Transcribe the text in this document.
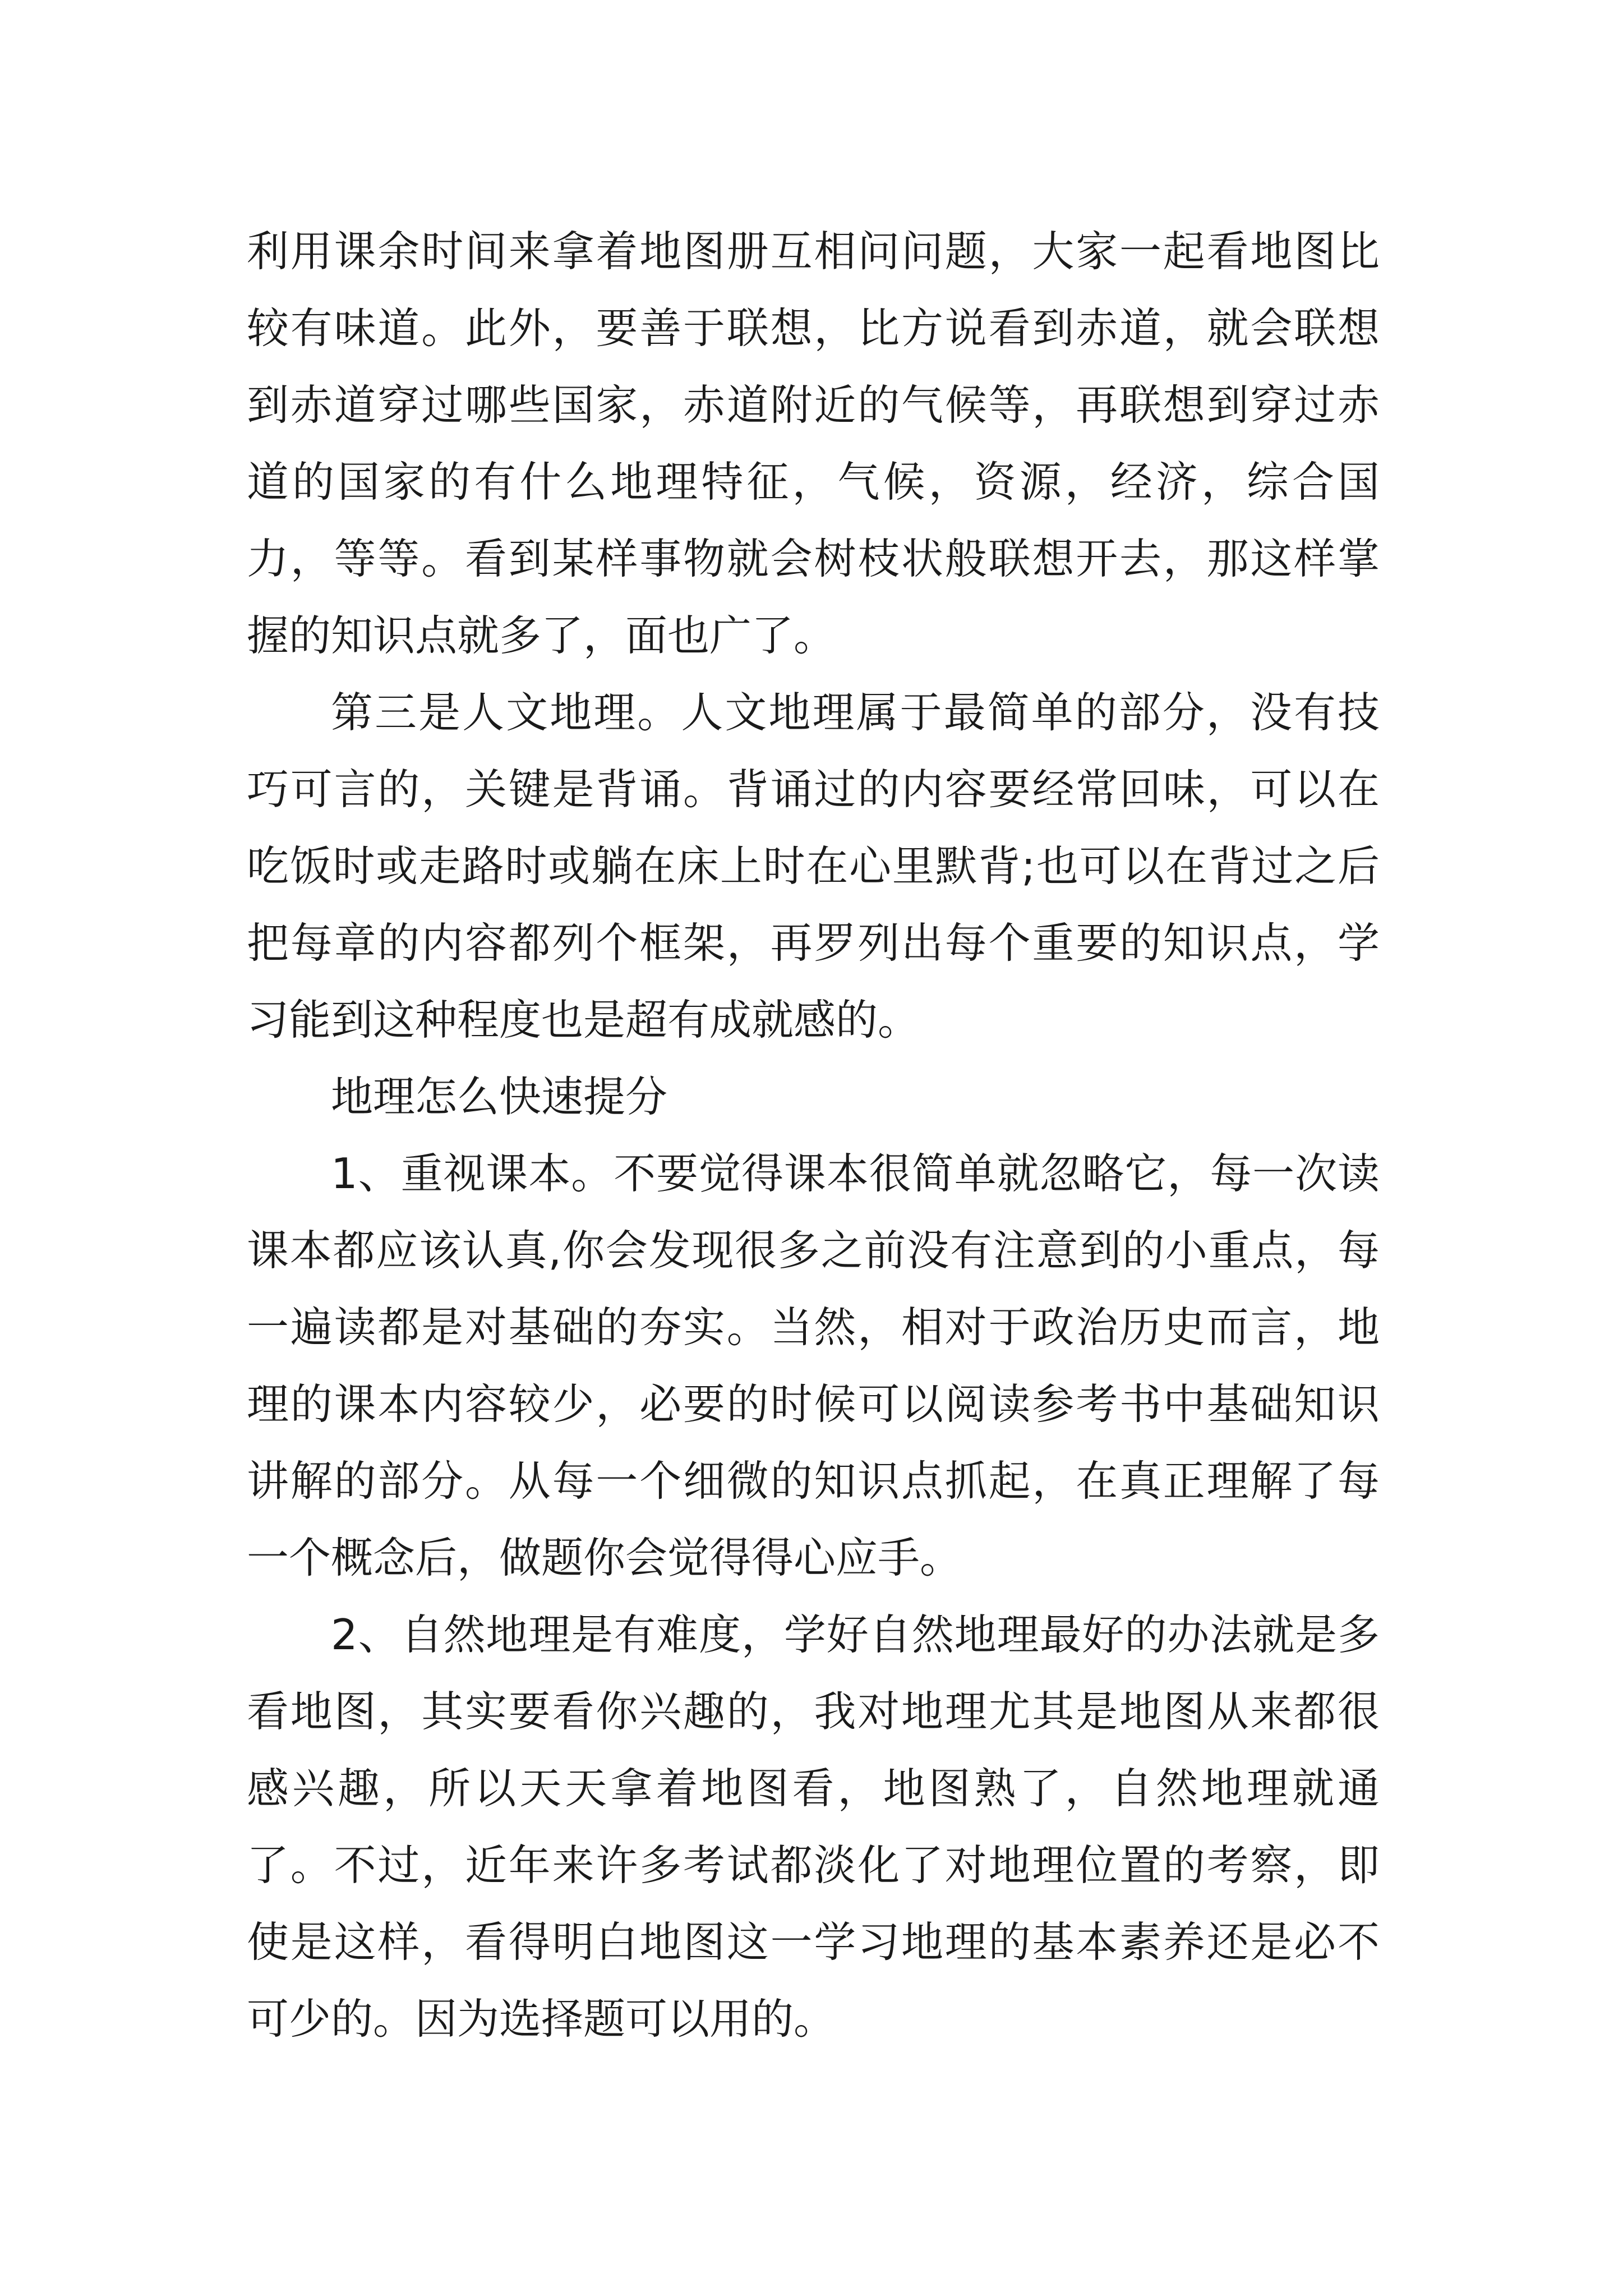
利用课余时间来拿着地图册互相问问题，大家一起看地图比较有味道。此外，要善于联想，比方说看到赤道，就会联想到赤道穿过哪些国家，赤道附近的气候等，再联想到穿过赤道的国家的有什么地理特征，气候，资源，经济，综合国力，等等。看到某样事物就会树枝状般联想开去，那这样掌握的知识点就多了，面也广了。

第三是人文地理。人文地理属于最简单的部分，没有技巧可言的，关键是背诵。背诵过的内容要经常回味，可以在吃饭时或走路时或躺在床上时在心里默背;也可以在背过之后把每章的内容都列个框架，再罗列出每个重要的知识点，学习能到这种程度也是超有成就感的。

地理怎么快速提分

1、重视课本。不要觉得课本很简单就忽略它，每一次读课本都应该认真,你会发现很多之前没有注意到的小重点，每一遍读都是对基础的夯实。当然，相对于政治历史而言，地理的课本内容较少，必要的时候可以阅读参考书中基础知识讲解的部分。从每一个细微的知识点抓起，在真正理解了每一个概念后，做题你会觉得得心应手。

2、自然地理是有难度，学好自然地理最好的办法就是多看地图，其实要看你兴趣的，我对地理尤其是地图从来都很感兴趣，所以天天拿着地图看，地图熟了，自然地理就通了。不过，近年来许多考试都淡化了对地理位置的考察，即使是这样，看得明白地图这一学习地理的基本素养还是必不可少的。因为选择题可以用的。
